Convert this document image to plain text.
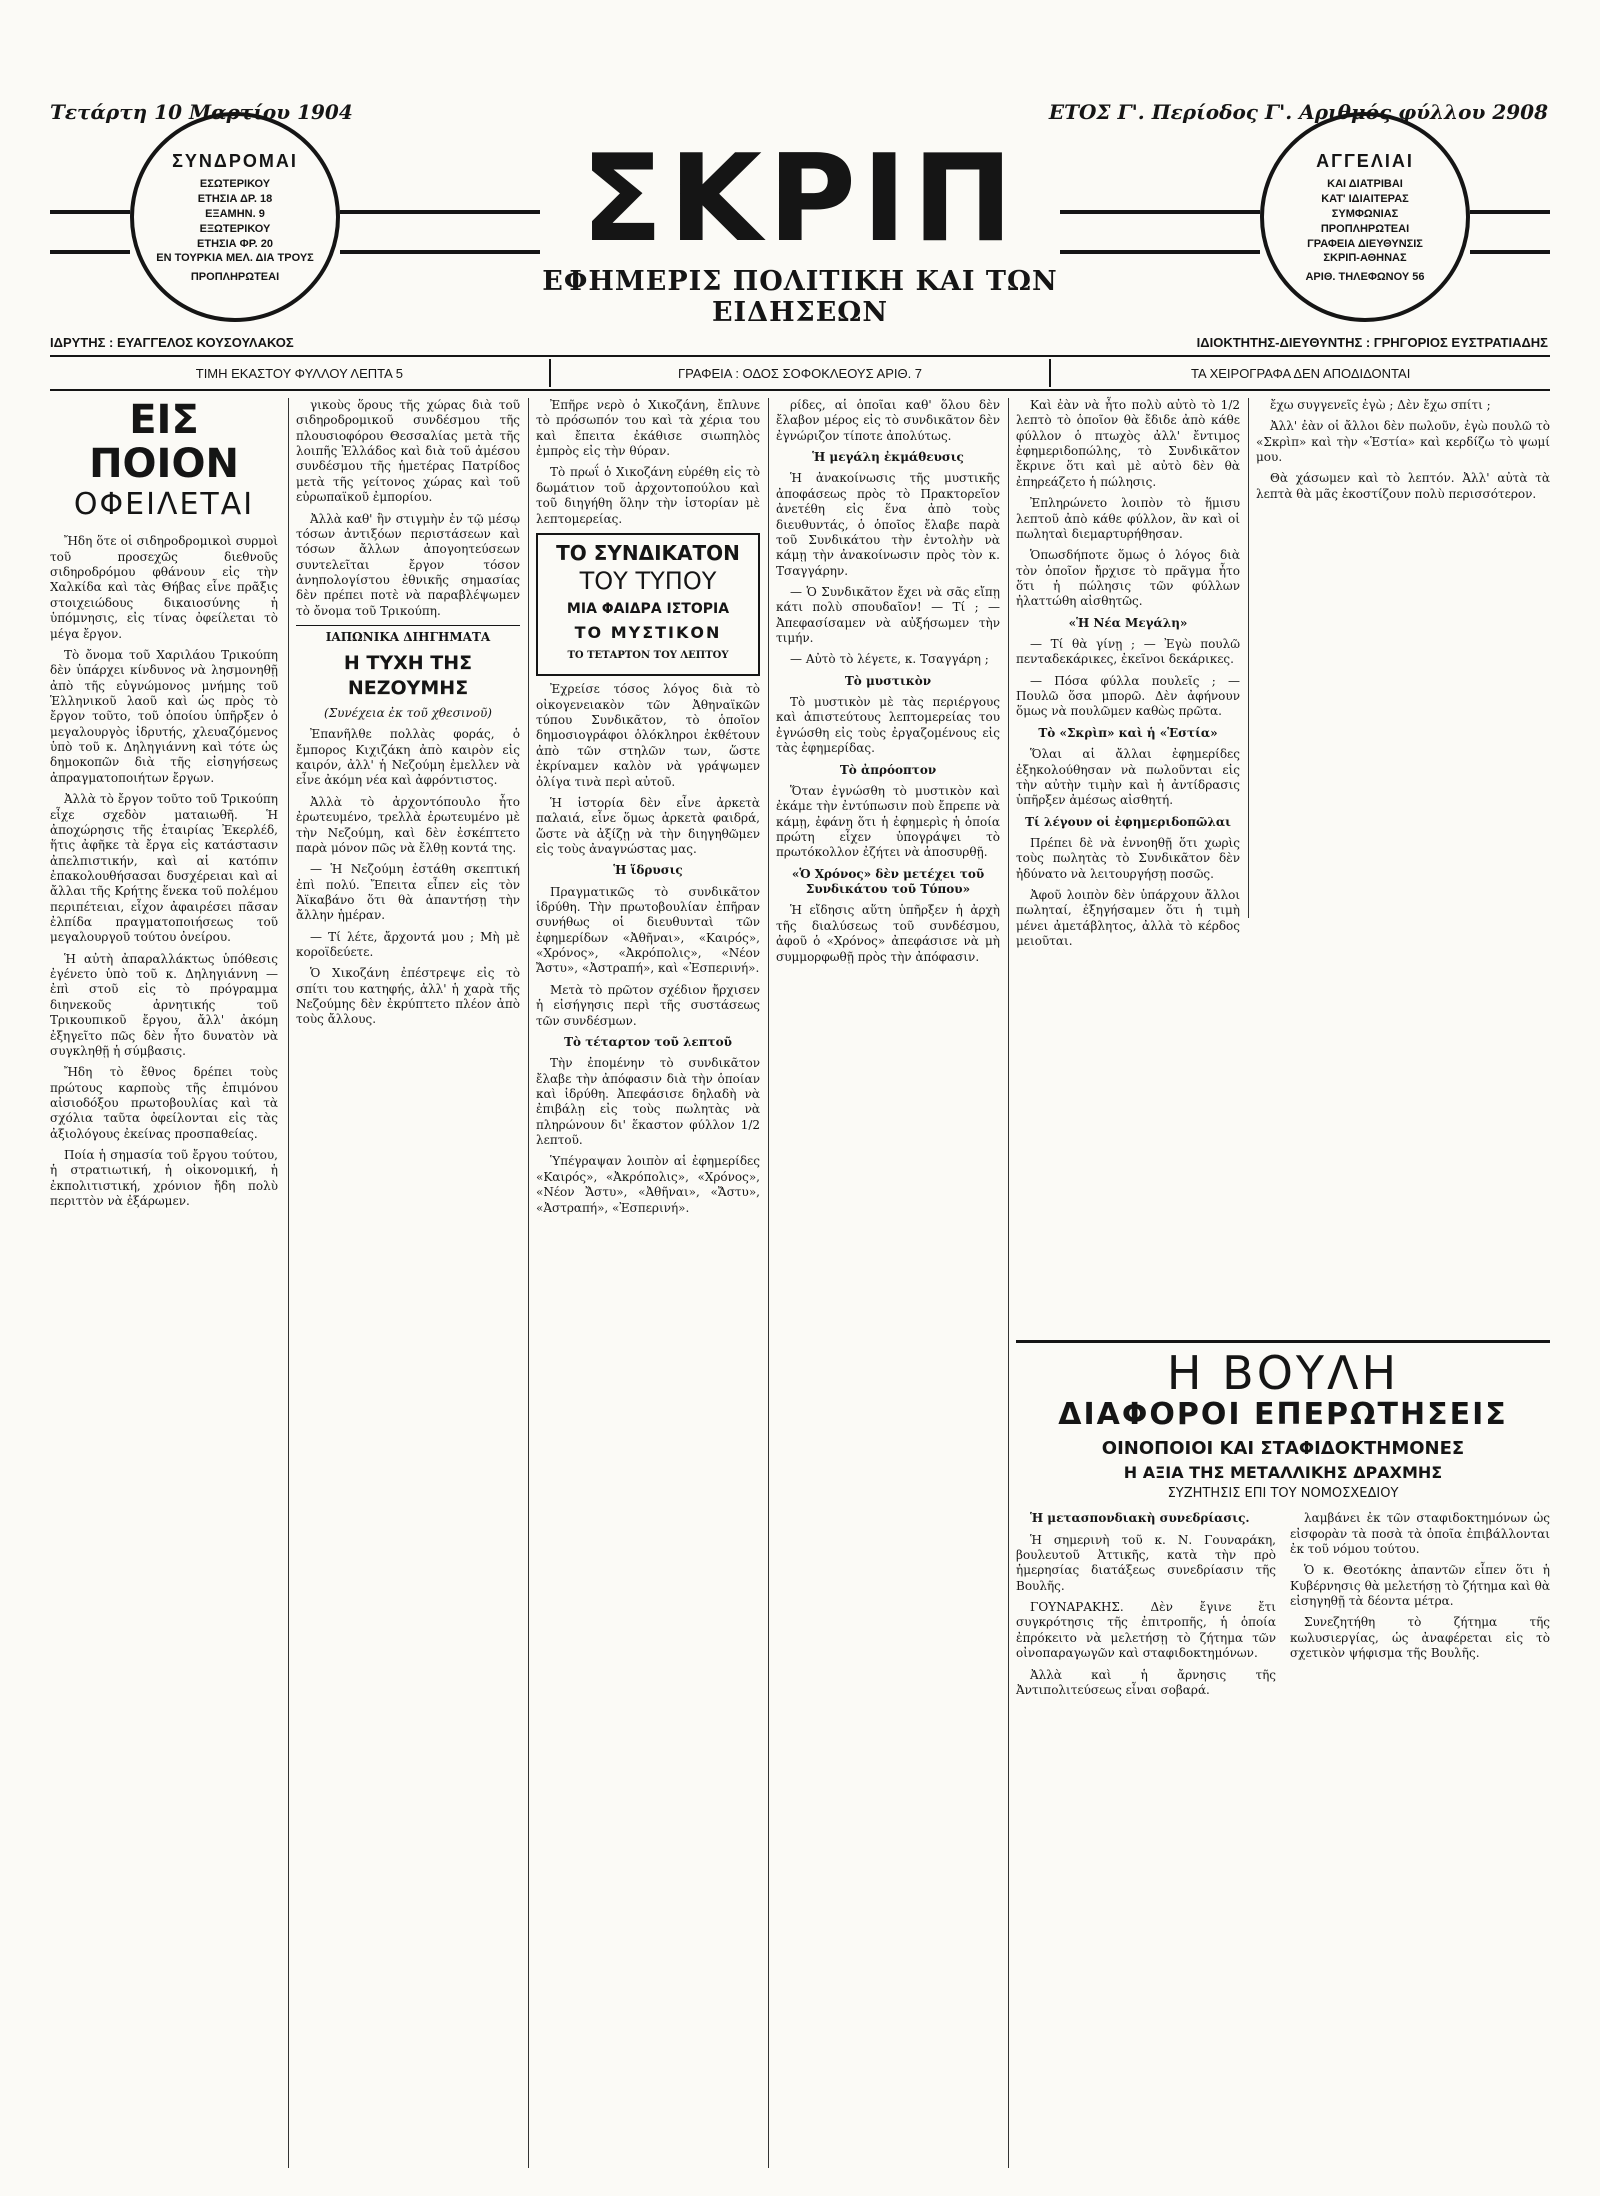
Τετάρτη 10 Μαρτίου 1904	ΕΤΟΣ Γ'. Περίοδος Γ'. Αριθμός φύλλου 2908
ΣΥΝΔΡΟΜΑΙ
ΕΣΩΤΕΡΙΚΟΥ
ΕΤΗΣΙΑ ΔΡ. 18
ΕΞΑΜΗΝ. 9
ΕΞΩΤΕΡΙΚΟΥ
ΕΤΗΣΙΑ ΦΡ. 20
ΕΝ ΤΟΥΡΚΙΑ ΜΕΛ. ΔΙΑ ΤΡΟΥΣ
ΠΡΟΠΛΗΡΩΤΕΑΙ
ΣΚΡΙΠ
ΕΦΗΜΕΡΙΣ ΠΟΛΙΤΙΚΗ ΚΑΙ ΤΩΝ ΕΙΔΗΣΕΩΝ
ΑΓΓΕΛΙΑΙ
ΚΑΙ ΔΙΑΤΡΙΒΑΙ
ΚΑΤ' ΙΔΙΑΙΤΕΡΑΣ
ΣΥΜΦΩΝΙΑΣ
ΠΡΟΠΛΗΡΩΤΕΑΙ
ΓΡΑΦΕΙΑ ΔΙΕΥΘΥΝΣΙΣ
ΣΚΡΙΠ-ΑΘΗΝΑΣ
ΑΡΙΘ. ΤΗΛΕΦΩΝΟΥ 56
ΙΔΡΥΤΗΣ : ΕΥΑΓΓΕΛΟΣ ΚΟΥΣΟΥΛΑΚΟΣ	ΙΔΙΟΚΤΗΤΗΣ-ΔΙΕΥΘΥΝΤΗΣ : ΓΡΗΓΟΡΙΟΣ ΕΥΣΤΡΑΤΙΑΔΗΣ
ΤΙΜΗ ΕΚΑΣΤΟΥ ΦΥΛΛΟΥ ΛΕΠΤΑ 5	ΓΡΑΦΕΙΑ : ΟΔΟΣ ΣΟΦΟΚΛΕΟΥΣ ΑΡΙΘ. 7	ΤΑ ΧΕΙΡΟΓΡΑΦΑ ΔΕΝ ΑΠΟΔΙΔΟΝΤΑΙ
ΕΙΣ ΠΟΙΟΝ
ΟΦΕΙΛΕΤΑΙ

Ἤδη ὅτε οἱ σιδηροδρομικοὶ συρμοὶ τοῦ προσεχῶς διεθνοῦς σιδηροδρόμου φθάνουν εἰς τὴν Χαλκίδα καὶ τὰς Θήβας εἶνε πρᾶξις στοιχειώδους δικαιοσύνης ἡ ὑπόμνησις, εἰς τίνας ὀφείλεται τὸ μέγα ἔργον.

Τὸ ὄνομα τοῦ Χαριλάου Τρικούπη δὲν ὑπάρχει κίνδυνος νὰ λησμονηθῇ ἀπὸ τῆς εὐγνώμονος μνήμης τοῦ Ἑλληνικοῦ λαοῦ καὶ ὡς πρὸς τὸ ἔργον τοῦτο, τοῦ ὁποίου ὑπῆρξεν ὁ μεγαλουργὸς ἰδρυτής, χλευαζόμενος ὑπὸ τοῦ κ. Δηληγιάννη καὶ τότε ὡς δημοκοπῶν διὰ τῆς εἰσηγήσεως ἀπραγματοποιήτων ἔργων.

Ἀλλὰ τὸ ἔργον τοῦτο τοῦ Τρικούπη εἶχε σχεδὸν ματαιωθῆ. Ἡ ἀποχώρησις τῆς ἑταιρίας Ἐκερλέδ, ἥτις ἀφῆκε τὰ ἔργα εἰς κατάστασιν ἀπελπιστικήν, καὶ αἱ κατόπιν ἐπακολουθήσασαι δυσχέρειαι καὶ αἱ ἄλλαι τῆς Κρήτης ἕνεκα τοῦ πολέμου περιπέτειαι, εἶχον ἀφαιρέσει πᾶσαν ἐλπίδα πραγματοποιήσεως τοῦ μεγαλουργοῦ τούτου ὀνείρου.

Ἡ αὐτὴ ἀπαραλλάκτως ὑπόθεσις ἐγένετο ὑπὸ τοῦ κ. Δηληγιάννη — ἐπὶ στοῦ εἰς τὸ πρόγραμμα διηνεκοῦς ἀρνητικής τοῦ Τρικουπικοῦ ἔργου, ἄλλ' ἀκόμη ἐξηγεῖτο πῶς δὲν ἦτο δυνατὸν νὰ συγκληθῇ ἡ σύμβασις.

Ἤδη τὸ ἔθνος δρέπει τοὺς πρώτους καρποὺς τῆς ἐπιμόνου αἰσιοδόξου πρωτοβουλίας καὶ τὰ σχόλια ταῦτα ὀφείλονται εἰς τὰς ἀξιολόγους ἐκείνας προσπαθείας.

Ποία ἡ σημασία τοῦ ἔργου τούτου, ἡ στρατιωτική, ἡ οἰκονομική, ἡ ἐκπολιτιστική, χρόνιον ἤδη πολὺ περιττὸν νὰ ἐξάρωμεν.

γικοὺς ὅρους τῆς χώρας διὰ τοῦ σιδηροδρομικοῦ συνδέσμου τῆς πλουσιοφόρου Θεσσαλίας μετὰ τῆς λοιπῆς Ἑλλάδος καὶ διὰ τοῦ ἀμέσου συνδέσμου τῆς ἡμετέρας Πατρίδος μετὰ τῆς γείτονος χώρας καὶ τοῦ εὐρωπαϊκοῦ ἐμπορίου.

Ἀλλὰ καθ' ἣν στιγμὴν ἐν τῷ μέσῳ τόσων ἀντιξόων περιστάσεων καὶ τόσων ἄλλων ἀπογοητεύσεων συντελεῖται ἔργον τόσον ἀνηπολογίστου ἐθνικῆς σημασίας δὲν πρέπει ποτὲ νὰ παραβλέψωμεν τὸ ὄνομα τοῦ Τρικούπη.

ΙΑΠΩΝΙΚΑ ΔΙΗΓΗΜΑΤΑ
Η ΤΥΧΗ ΤΗΣ ΝΕΖΟΥΜΗΣ
(Συνέχεια ἐκ τοῦ χθεσινοῦ)

Ἐπανῆλθε πολλὰς φοράς, ὁ ἔμπορος Κιχιζάκη ἀπὸ καιρὸν εἰς καιρόν, ἀλλ' ἡ Νεζούμη ἐμελλεν νὰ εἶνε ἀκόμη νέα καὶ ἀφρόντιστος.

Ἀλλὰ τὸ ἀρχοντόπουλο ἦτο ἐρωτευμένο, τρελλὰ ἐρωτευμένο μὲ τὴν Νεζούμη, καὶ δὲν ἐσκέπτετο παρὰ μόνον πῶς νὰ ἔλθῃ κοντά της.

— Ἡ Νεζούμη ἐστάθη σκεπτική ἐπὶ πολύ. Ἔπειτα εἶπεν εἰς τὸν Ἀϊκαβάνο ὅτι θὰ ἀπαντήσῃ τὴν ἄλλην ἡμέραν.

— Τί λέτε, ἄρχοντά μου ; Μὴ μὲ κοροϊδεύετε.

Ὁ Χικοζάνη ἐπέστρεψε εἰς τὸ σπίτι του κατηφής, ἀλλ' ἡ χαρὰ τῆς Νεζούμης δὲν ἐκρύπτετο πλέον ἀπὸ τοὺς ἄλλους.

Ἐπῆρε νερὸ ὁ Χικοζάνη, ἔπλυνε τὸ πρόσωπόν του καὶ τὰ χέρια του καὶ ἔπειτα ἐκάθισε σιωπηλὸς ἐμπρὸς εἰς τὴν θύραν.

Τὸ πρωΐ ὁ Χικοζάνη εὑρέθη εἰς τὸ δωμάτιον τοῦ ἀρχοντοπούλου καὶ τοῦ διηγήθη ὅλην τὴν ἱστορίαν μὲ λεπτομερείας.

ΤΟ ΣΥΝΔΙΚΑΤΟΝ
ΤΟΥ ΤΥΠΟΥ
ΜΙΑ ΦΑΙΔΡΑ ΙΣΤΟΡΙΑ
ΤΟ ΜΥΣΤΙΚΟΝ
ΤΟ ΤΕΤΑΡΤΟΝ ΤΟΥ ΛΕΠΤΟΥ

Ἐχρείσε τόσος λόγος διὰ τὸ οἰκογενειακὸν τῶν Ἀθηναϊκῶν τύπου Συνδικᾶτον, τὸ ὁποῖον δημοσιογράφοι ὁλόκληροι ἐκθέτουν ἀπὸ τῶν στηλῶν των, ὥστε ἐκρίναμεν καλὸν νὰ γράψωμεν ὀλίγα τινὰ περὶ αὐτοῦ.

Ἡ ἱστορία δὲν εἶνε ἀρκετὰ παλαιά, εἶνε ὅμως ἀρκετὰ φαιδρά, ὥστε νὰ ἀξίζῃ νὰ τὴν διηγηθῶμεν εἰς τοὺς ἀναγνώστας μας.

Ἡ ἵδρυσις

Πραγματικῶς τὸ συνδικᾶτον ἱδρύθη. Τὴν πρωτοβουλίαν ἐπῆραν συνήθως οἱ διευθυνταὶ τῶν ἐφημερίδων «Ἀθῆναι», «Καιρός», «Χρόνος», «Ἀκρόπολις», «Νέον Ἄστυ», «Ἀστραπή», καὶ «Ἐσπερινή».

Μετὰ τὸ πρῶτον σχέδιον ἤρχισεν ἡ εἰσήγησις περὶ τῆς συστάσεως τῶν συνδέσμων.

Τὸ τέταρτον τοῦ λεπτοῦ

Τὴν ἐπομένην τὸ συνδικᾶτον ἔλαβε τὴν ἀπόφασιν διὰ τὴν ὁποίαν καὶ ἱδρύθη. Ἀπεφάσισε δηλαδὴ νὰ ἐπιβάλῃ εἰς τοὺς πωλητὰς νὰ πληρώνουν δι' ἕκαστον φύλλον 1/2 λεπτοῦ.

Ὑπέγραψαν λοιπὸν αἱ ἐφημερίδες «Καιρός», «Ἀκρόπολις», «Χρόνος», «Νέον Ἄστυ», «Ἀθῆναι», «Ἄστυ», «Ἀστραπή», «Ἐσπερινή».

ρίδες, αἱ ὁποῖαι καθ' ὅλου δὲν ἔλαβον μέρος εἰς τὸ συνδικᾶτον δὲν ἐγνώριζον τίποτε ἀπολύτως.

Ἡ μεγάλη ἐκμάθευσις

Ἡ ἀνακοίνωσις τῆς μυστικῆς ἀποφάσεως πρὸς τὸ Πρακτορεῖον ἀνετέθη εἰς ἕνα ἀπὸ τοὺς διευθυντάς, ὁ ὁποῖος ἔλαβε παρὰ τοῦ Συνδικάτου τὴν ἐντολὴν νὰ κάμῃ τὴν ἀνακοίνωσιν πρὸς τὸν κ. Τσαγγάρην.

— Ὁ Συνδικᾶτον ἔχει νὰ σᾶς εἴπῃ κάτι πολὺ σπουδαῖον! — Τί ; — Ἀπεφασίσαμεν νὰ αὐξήσωμεν τὴν τιμήν.

— Αὐτὸ τὸ λέγετε, κ. Τσαγγάρη ;

Τὸ μυστικὸν

Τὸ μυστικὸν μὲ τὰς περιέργους καὶ ἀπιστεύτους λεπτομερείας του ἐγνώσθη εἰς τοὺς ἐργαζομένους εἰς τὰς ἐφημερίδας.

Τὸ ἀπρόοπτον

Ὅταν ἐγνώσθη τὸ μυστικὸν καὶ ἐκάμε τὴν ἐντύπωσιν ποὺ ἔπρεπε νὰ κάμῃ, ἐφάνη ὅτι ἡ ἐφημερὶς ἡ ὁποία πρώτη εἶχεν ὑπογράψει τὸ πρωτόκολλον ἐζήτει νὰ ἀποσυρθῇ.

«Ὁ Χρόνος» δὲν μετέχει τοῦ Συνδικάτου τοῦ Τύπου»

Ἡ εἴδησις αὕτη ὑπῆρξεν ἡ ἀρχὴ τῆς διαλύσεως τοῦ συνδέσμου, ἀφοῦ ὁ «Χρόνος» ἀπεφάσισε νὰ μὴ συμμορφωθῇ πρὸς τὴν ἀπόφασιν.

Καὶ ἐὰν νὰ ἦτο πολὺ αὐτὸ τὸ 1/2 λεπτὸ τὸ ὁποῖον θὰ ἔδιδε ἀπὸ κάθε φύλλον ὁ πτωχὸς ἀλλ' ἔντιμος ἐφημεριδοπώλης, τὸ Συνδικᾶτον ἔκρινε ὅτι καὶ μὲ αὐτὸ δὲν θὰ ἐπηρεάζετο ἡ πώλησις.

Ἐπληρώνετο λοιπὸν τὸ ἥμισυ λεπτοῦ ἀπὸ κάθε φύλλον, ἂν καὶ οἱ πωληταὶ διεμαρτυρήθησαν.

Ὁπωσδήποτε ὅμως ὁ λόγος διὰ τὸν ὁποῖον ἤρχισε τὸ πρᾶγμα ἦτο ὅτι ἡ πώλησις τῶν φύλλων ἠλαττώθη αἰσθητῶς.

«Ἡ Νέα Μεγάλη»

— Τί θὰ γίνῃ ; — Ἐγὼ πουλῶ πενταδεκάρικες, ἐκεῖνοι δεκάρικες.

— Πόσα φύλλα πουλεῖς ; — Πουλῶ ὅσα μπορῶ. Δὲν ἀφήνουν ὅμως νὰ πουλῶμεν καθὼς πρῶτα.

Τὸ «Σκρὶπ» καὶ ἡ «Ἑστία»

Ὅλαι αἱ ἄλλαι ἐφημερίδες ἐξηκολούθησαν νὰ πωλοῦνται εἰς τὴν αὐτὴν τιμὴν καὶ ἡ ἀντίδρασις ὑπῆρξεν ἀμέσως αἰσθητή.

Τί λέγουν οἱ ἐφημεριδοπῶλαι

Πρέπει δὲ νὰ ἐννοηθῇ ὅτι χωρὶς τοὺς πωλητὰς τὸ Συνδικᾶτον δὲν ἠδύνατο νὰ λειτουργήσῃ ποσῶς.

Ἀφοῦ λοιπὸν δὲν ὑπάρχουν ἄλλοι πωληταί, ἐξηγήσαμεν ὅτι ἡ τιμὴ μένει ἀμετάβλητος, ἀλλὰ τὸ κέρδος μειοῦται.

ἔχω συγγενεῖς ἐγὼ ; Δὲν ἔχω σπίτι ;

Ἀλλ' ἐὰν οἱ ἄλλοι δὲν πωλοῦν, ἐγὼ πουλῶ τὸ «Σκρὶπ» καὶ τὴν «Ἑστία» καὶ κερδίζω τὸ ψωμί μου.

Θὰ χάσωμεν καὶ τὸ λεπτόν. Ἀλλ' αὐτὰ τὰ λεπτὰ θὰ μᾶς ἐκοστίζουν πολὺ περισσότερον.

Η ΒΟΥΛΗ
ΔΙΑΦΟΡΟΙ ΕΠΕΡΩΤΗΣΕΙΣ
ΟΙΝΟΠΟΙΟΙ ΚΑΙ ΣΤΑΦΙΔΟΚΤΗΜΟΝΕΣ
Η ΑΞΙΑ ΤΗΣ ΜΕΤΑΛΛΙΚΗΣ ΔΡΑΧΜΗΣ
ΣΥΖΗΤΗΣΙΣ ΕΠΙ ΤΟΥ ΝΟΜΟΣΧΕΔΙΟΥ

Ἡ μετασπονδιακὴ συνεδρίασις.

Ἡ σημερινὴ τοῦ κ. Ν. Γουναράκη, βουλευτοῦ Ἀττικῆς, κατὰ τὴν πρὸ ἡμερησίας διατάξεως συνεδρίασιν τῆς Βουλῆς.

ΓΟΥΝΑΡΑΚΗΣ. Δὲν ἔγινε ἔτι συγκρότησις τῆς ἐπιτροπῆς, ἡ ὁποία ἐπρόκειτο νὰ μελετήσῃ τὸ ζήτημα τῶν οἰνοπαραγωγῶν καὶ σταφιδοκτημόνων.

Ἀλλὰ καὶ ἡ ἄρνησις τῆς Ἀντιπολιτεύσεως εἶναι σοβαρά.

λαμβάνει ἐκ τῶν σταφιδοκτημόνων ὡς εἰσφορὰν τὰ ποσὰ τὰ ὁποῖα ἐπιβάλλονται ἐκ τοῦ νόμου τούτου.

Ὁ κ. Θεοτόκης ἀπαντῶν εἶπεν ὅτι ἡ Κυβέρνησις θὰ μελετήσῃ τὸ ζήτημα καὶ θὰ εἰσηγηθῇ τὰ δέοντα μέτρα.

Συνεζητήθη τὸ ζήτημα τῆς κωλυσιεργίας, ὡς ἀναφέρεται εἰς τὸ σχετικὸν ψήφισμα τῆς Βουλῆς.
